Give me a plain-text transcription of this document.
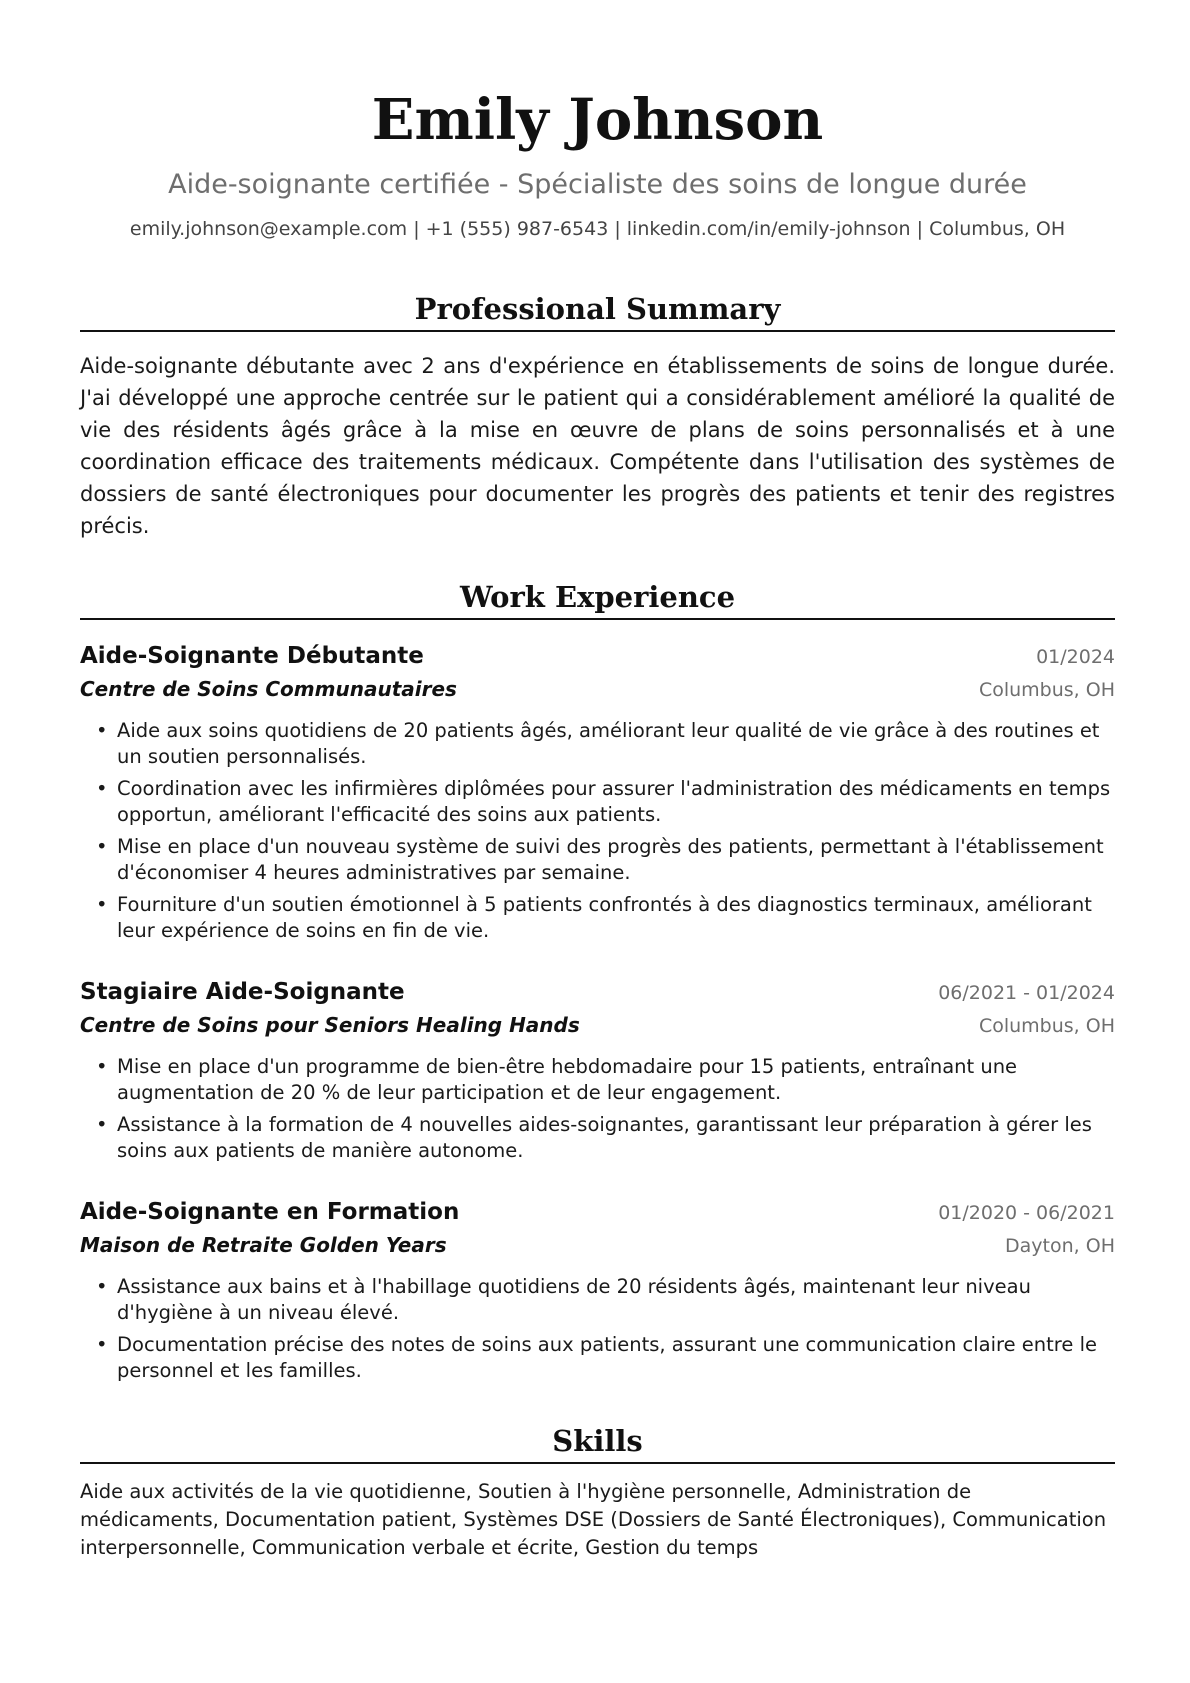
Emily Johnson
Aide-soignante certifiée - Spécialiste des soins de longue durée
emily.johnson@example.com | +1 (555) 987-6543 | linkedin.com/in/emily-johnson | Columbus, OH
Professional Summary
Aide-soignante débutante avec 2 ans d'expérience en établissements de soins de longue durée. J'ai développé une approche centrée sur le patient qui a considérablement amélioré la qualité de vie des résidents âgés grâce à la mise en œuvre de plans de soins personnalisés et à une coordination efficace des traitements médicaux. Compétente dans l'utilisation des systèmes de dossiers de santé électroniques pour documenter les progrès des patients et tenir des registres précis.
Work Experience
Aide-Soignante Débutante	01/2024
Centre de Soins Communautaires	Columbus, OH
• Aide aux soins quotidiens de 20 patients âgés, améliorant leur qualité de vie grâce à des routines et un soutien personnalisés.
• Coordination avec les infirmières diplômées pour assurer l'administration des médicaments en temps opportun, améliorant l'efficacité des soins aux patients.
• Mise en place d'un nouveau système de suivi des progrès des patients, permettant à l'établissement d'économiser 4 heures administratives par semaine.
• Fourniture d'un soutien émotionnel à 5 patients confrontés à des diagnostics terminaux, améliorant leur expérience de soins en fin de vie.
Stagiaire Aide-Soignante	06/2021 - 01/2024
Centre de Soins pour Seniors Healing Hands	Columbus, OH
• Mise en place d'un programme de bien-être hebdomadaire pour 15 patients, entraînant une augmentation de 20 % de leur participation et de leur engagement.
• Assistance à la formation de 4 nouvelles aides-soignantes, garantissant leur préparation à gérer les soins aux patients de manière autonome.
Aide-Soignante en Formation	01/2020 - 06/2021
Maison de Retraite Golden Years	Dayton, OH
• Assistance aux bains et à l'habillage quotidiens de 20 résidents âgés, maintenant leur niveau d'hygiène à un niveau élevé.
• Documentation précise des notes de soins aux patients, assurant une communication claire entre le personnel et les familles.
Skills
Aide aux activités de la vie quotidienne, Soutien à l'hygiène personnelle, Administration de médicaments, Documentation patient, Systèmes DSE (Dossiers de Santé Électroniques), Communication interpersonnelle, Communication verbale et écrite, Gestion du temps
